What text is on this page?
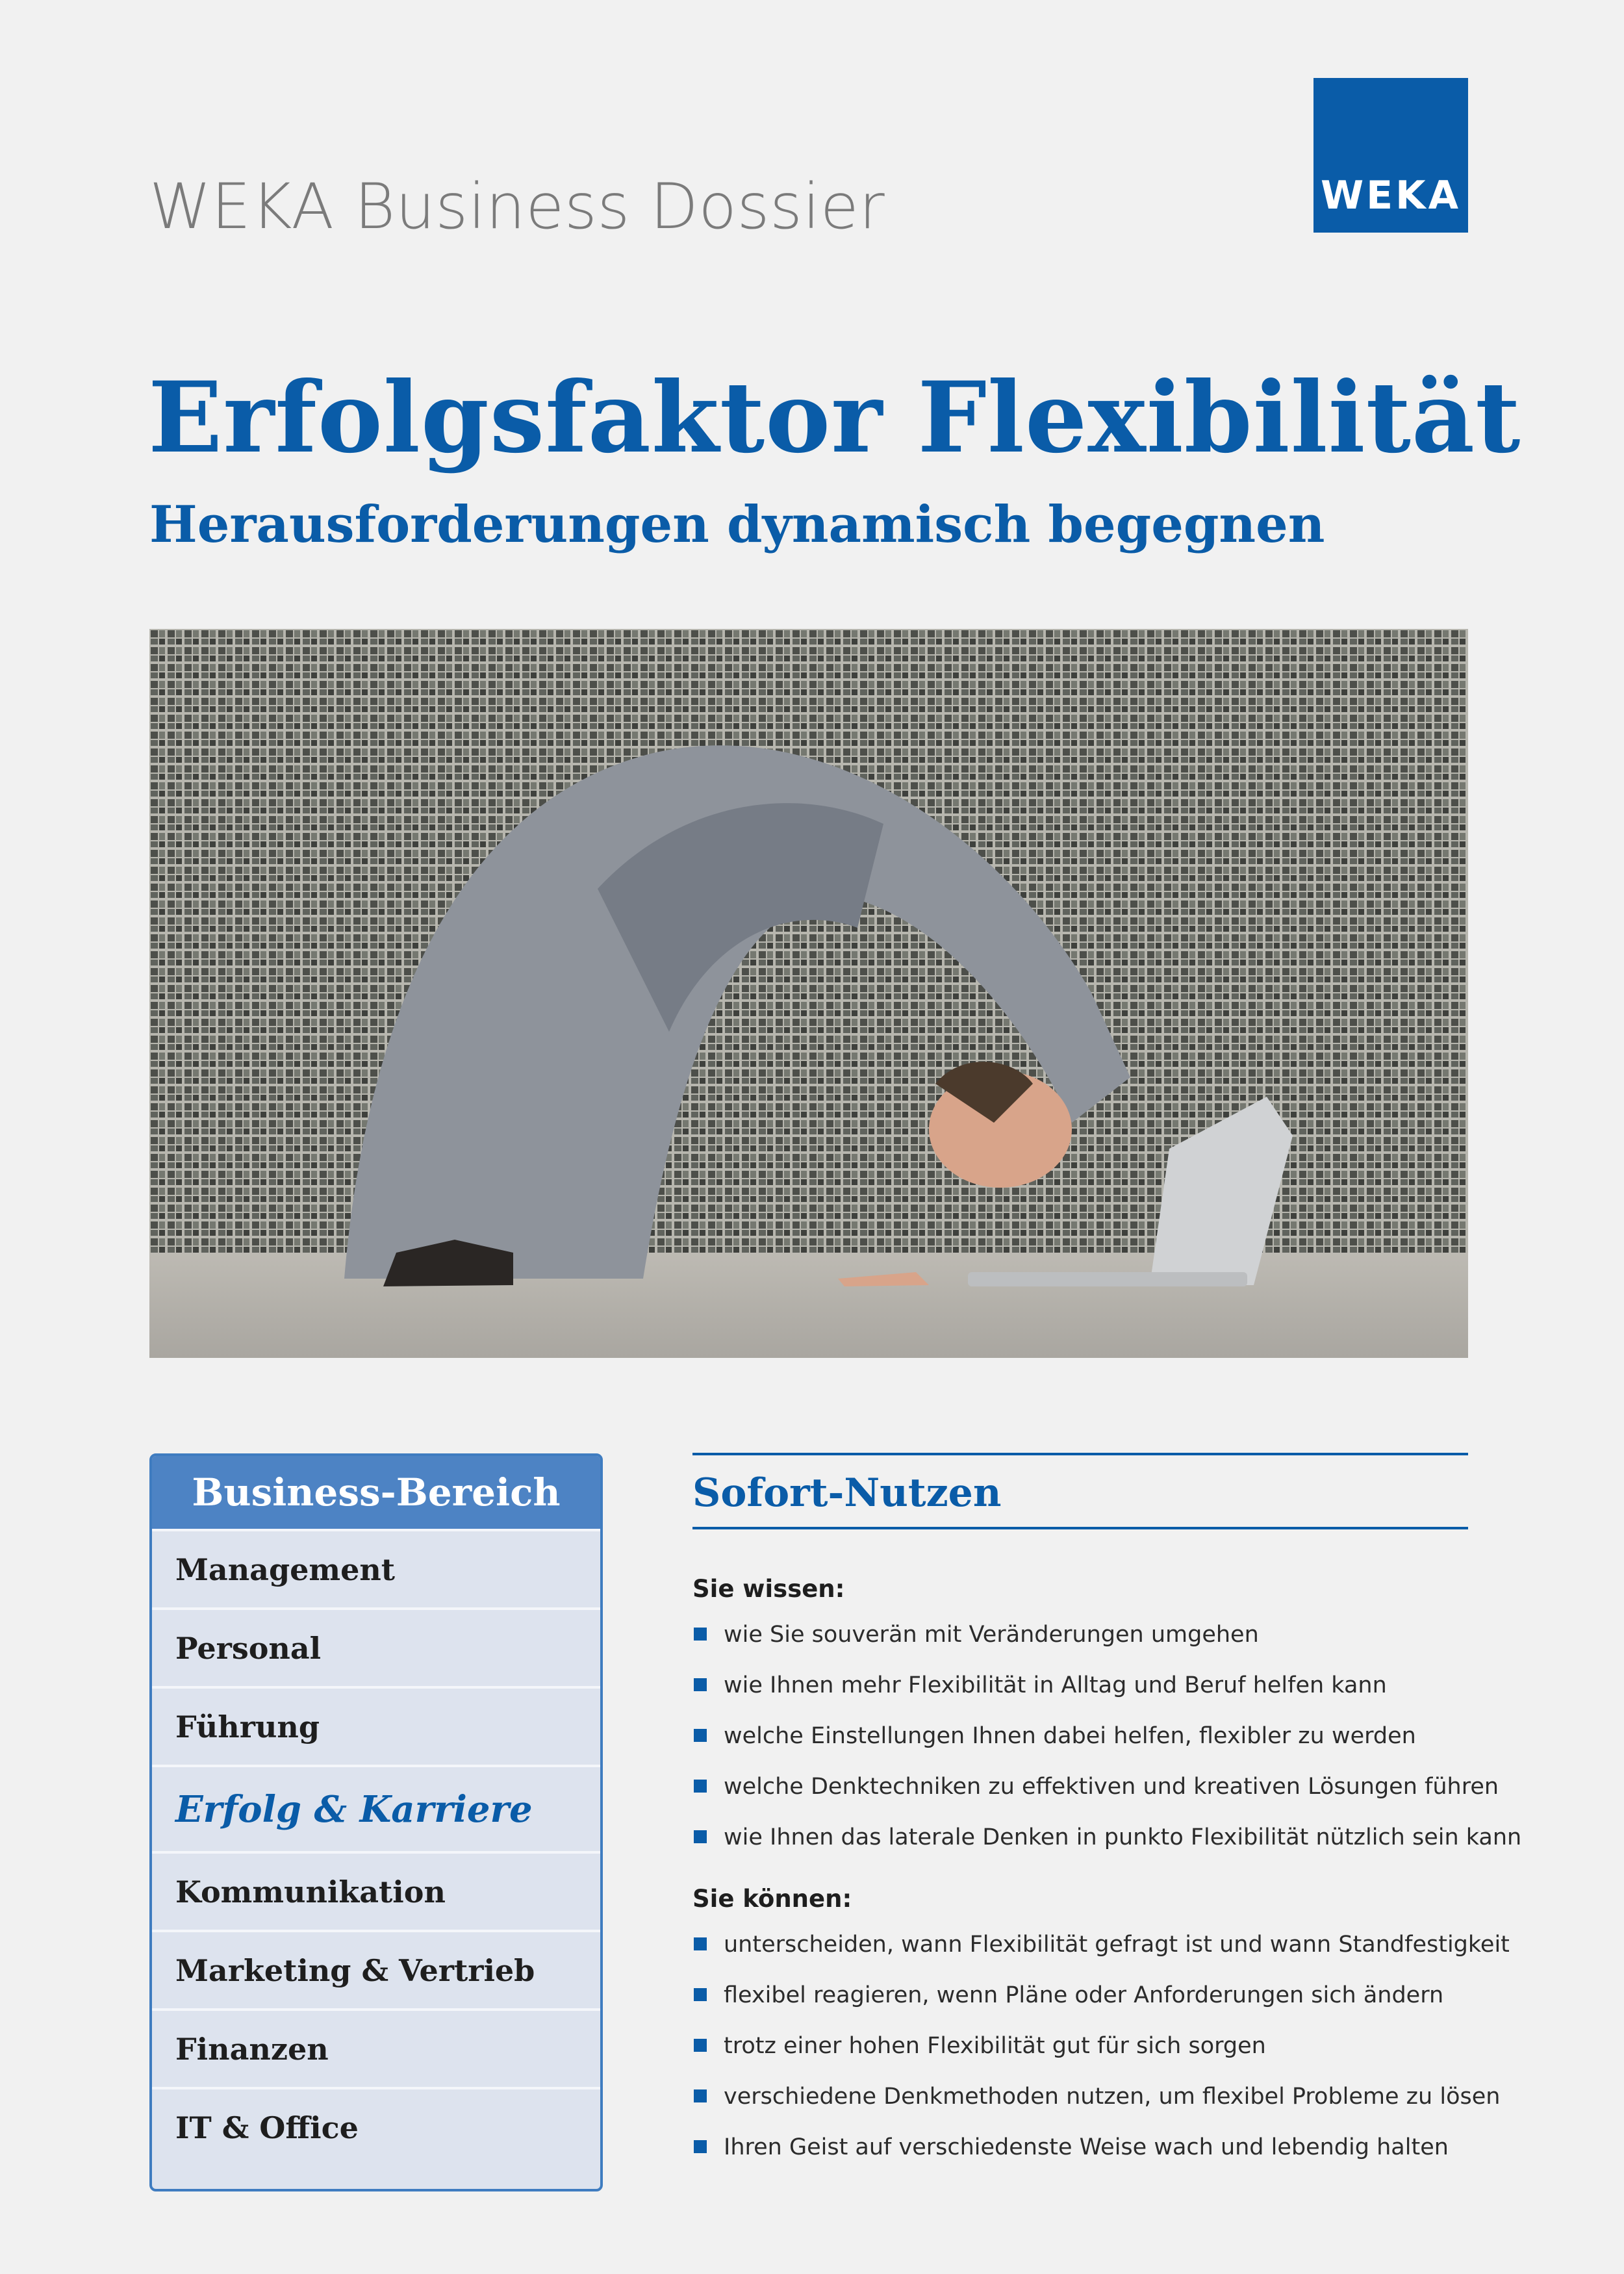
WEKA Business Dossier	WEKA
Erfolgsfaktor Flexibilität
Herausforderungen dynamisch begegnen
Business-Bereich
Management
Personal
Führung
Erfolg & Karriere
Kommunikation
Marketing & Vertrieb
Finanzen
IT & Office
Sofort-Nutzen
Sie wissen:
wie Sie souverän mit Veränderungen umgehen
wie Ihnen mehr Flexibilität in Alltag und Beruf helfen kann
welche Einstellungen Ihnen dabei helfen, flexibler zu werden
welche Denktechniken zu effektiven und kreativen Lösungen führen
wie Ihnen das laterale Denken in punkto Flexibilität nützlich sein kann
Sie können:
unterscheiden, wann Flexibilität gefragt ist und wann Standfestigkeit
flexibel reagieren, wenn Pläne oder Anforderungen sich ändern
trotz einer hohen Flexibilität gut für sich sorgen
verschiedene Denkmethoden nutzen, um flexibel Probleme zu lösen
Ihren Geist auf verschiedenste Weise wach und lebendig halten
